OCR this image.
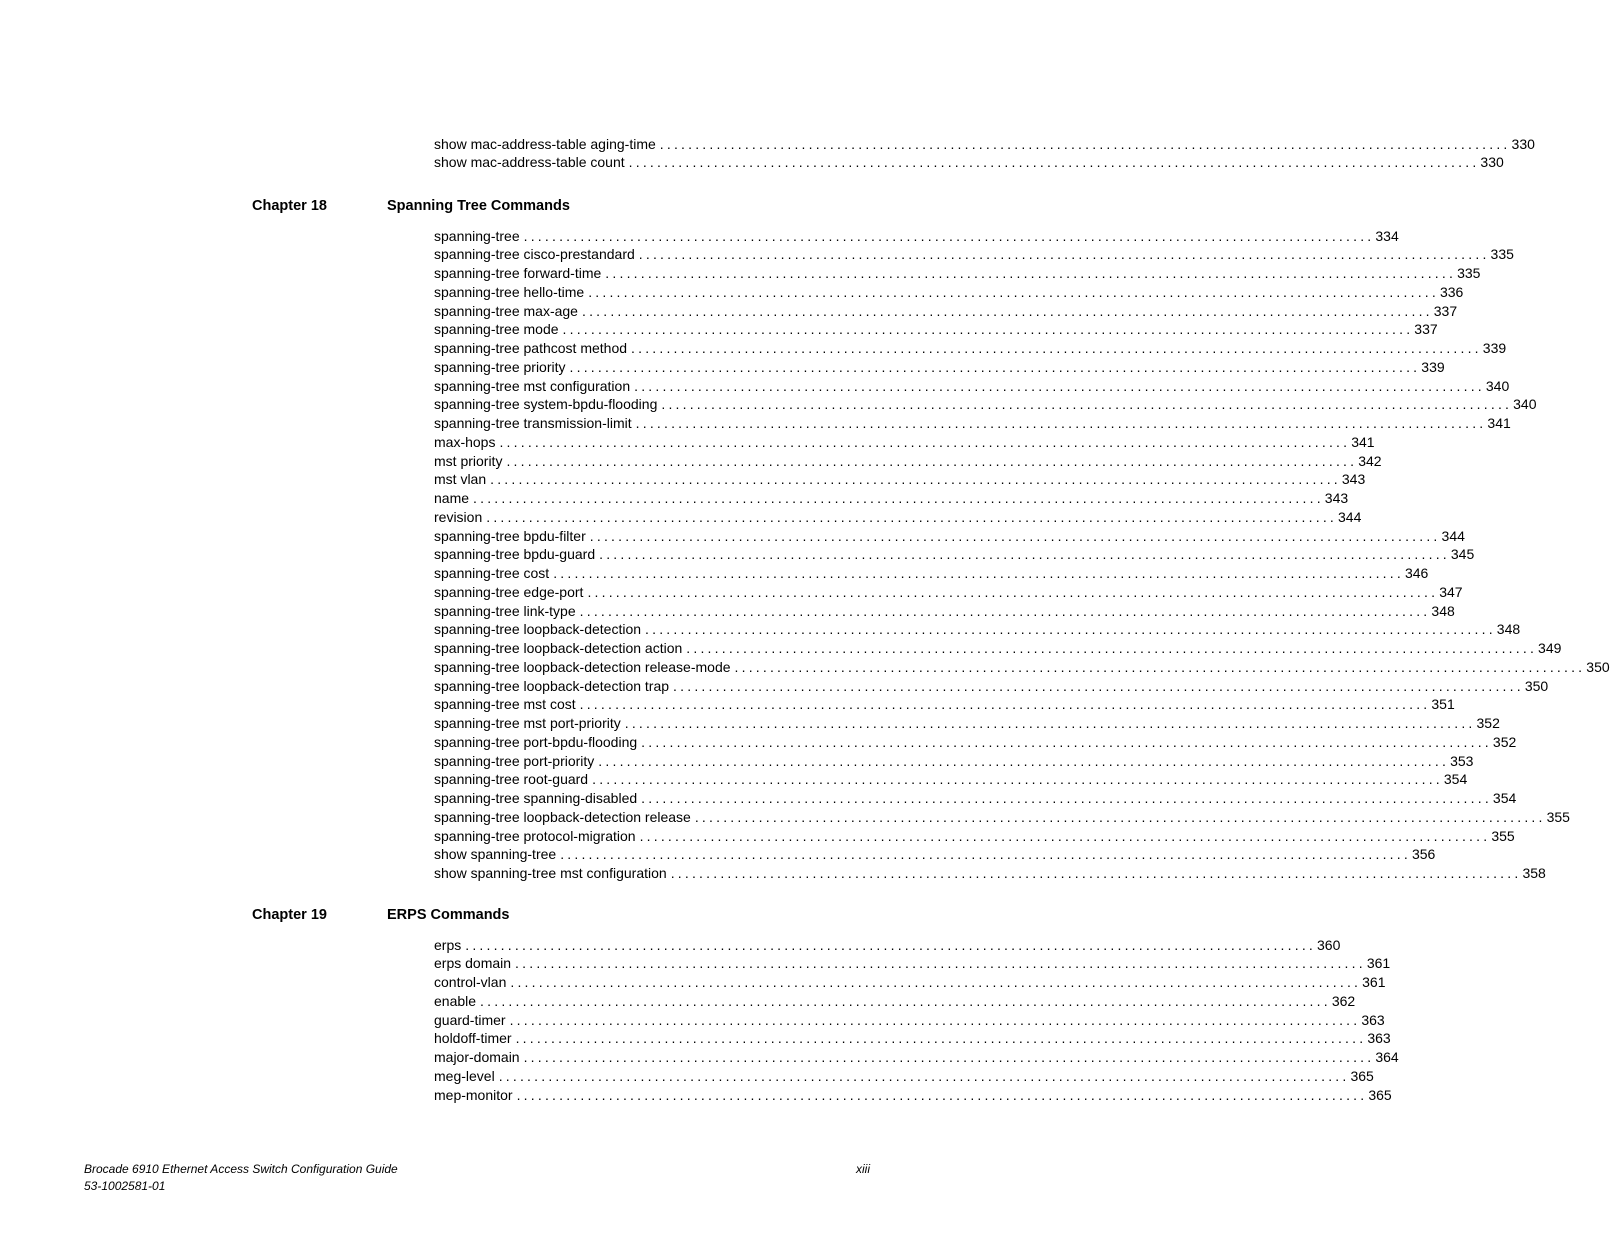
show mac-address-table aging-time ........................................................................................................................ 330
show mac-address-table count ........................................................................................................................ 330
Chapter 18	Spanning Tree Commands
spanning-tree ........................................................................................................................ 334
spanning-tree cisco-prestandard ........................................................................................................................ 335
spanning-tree forward-time ........................................................................................................................ 335
spanning-tree hello-time ........................................................................................................................ 336
spanning-tree max-age ........................................................................................................................ 337
spanning-tree mode ........................................................................................................................ 337
spanning-tree pathcost method ........................................................................................................................ 339
spanning-tree priority ........................................................................................................................ 339
spanning-tree mst configuration ........................................................................................................................ 340
spanning-tree system-bpdu-flooding ........................................................................................................................ 340
spanning-tree transmission-limit ........................................................................................................................ 341
max-hops ........................................................................................................................ 341
mst priority ........................................................................................................................ 342
mst vlan ........................................................................................................................ 343
name ........................................................................................................................ 343
revision ........................................................................................................................ 344
spanning-tree bpdu-filter ........................................................................................................................ 344
spanning-tree bpdu-guard ........................................................................................................................ 345
spanning-tree cost ........................................................................................................................ 346
spanning-tree edge-port ........................................................................................................................ 347
spanning-tree link-type ........................................................................................................................ 348
spanning-tree loopback-detection ........................................................................................................................ 348
spanning-tree loopback-detection action ........................................................................................................................ 349
spanning-tree loopback-detection release-mode ........................................................................................................................ 350
spanning-tree loopback-detection trap ........................................................................................................................ 350
spanning-tree mst cost ........................................................................................................................ 351
spanning-tree mst port-priority ........................................................................................................................ 352
spanning-tree port-bpdu-flooding ........................................................................................................................ 352
spanning-tree port-priority ........................................................................................................................ 353
spanning-tree root-guard ........................................................................................................................ 354
spanning-tree spanning-disabled ........................................................................................................................ 354
spanning-tree loopback-detection release ........................................................................................................................ 355
spanning-tree protocol-migration ........................................................................................................................ 355
show spanning-tree ........................................................................................................................ 356
show spanning-tree mst configuration ........................................................................................................................ 358
Chapter 19	ERPS Commands
erps ........................................................................................................................ 360
erps domain ........................................................................................................................ 361
control-vlan ........................................................................................................................ 361
enable ........................................................................................................................ 362
guard-timer ........................................................................................................................ 363
holdoff-timer ........................................................................................................................ 363
major-domain ........................................................................................................................ 364
meg-level ........................................................................................................................ 365
mep-monitor ........................................................................................................................ 365
Brocade 6910 Ethernet Access Switch Configuration Guide
53-1002581-01
xiii
